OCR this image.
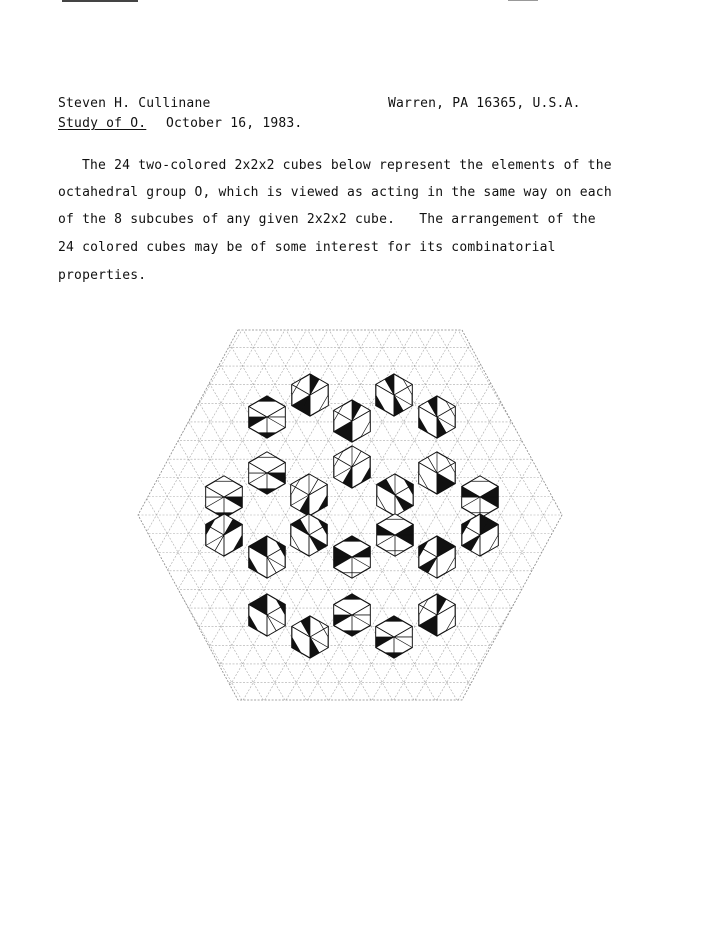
Steven H. Cullinane	Warren, PA 16365, U.S.A.
Study of O. October 16, 1983.
The 24 two-colored 2x2x2 cubes below represent the elements of the
octahedral group O, which is viewed as acting in the same way on each
of the 8 subcubes of any given 2x2x2 cube.   The arrangement of the
24 colored cubes may be of some interest for its combinatorial
properties.
